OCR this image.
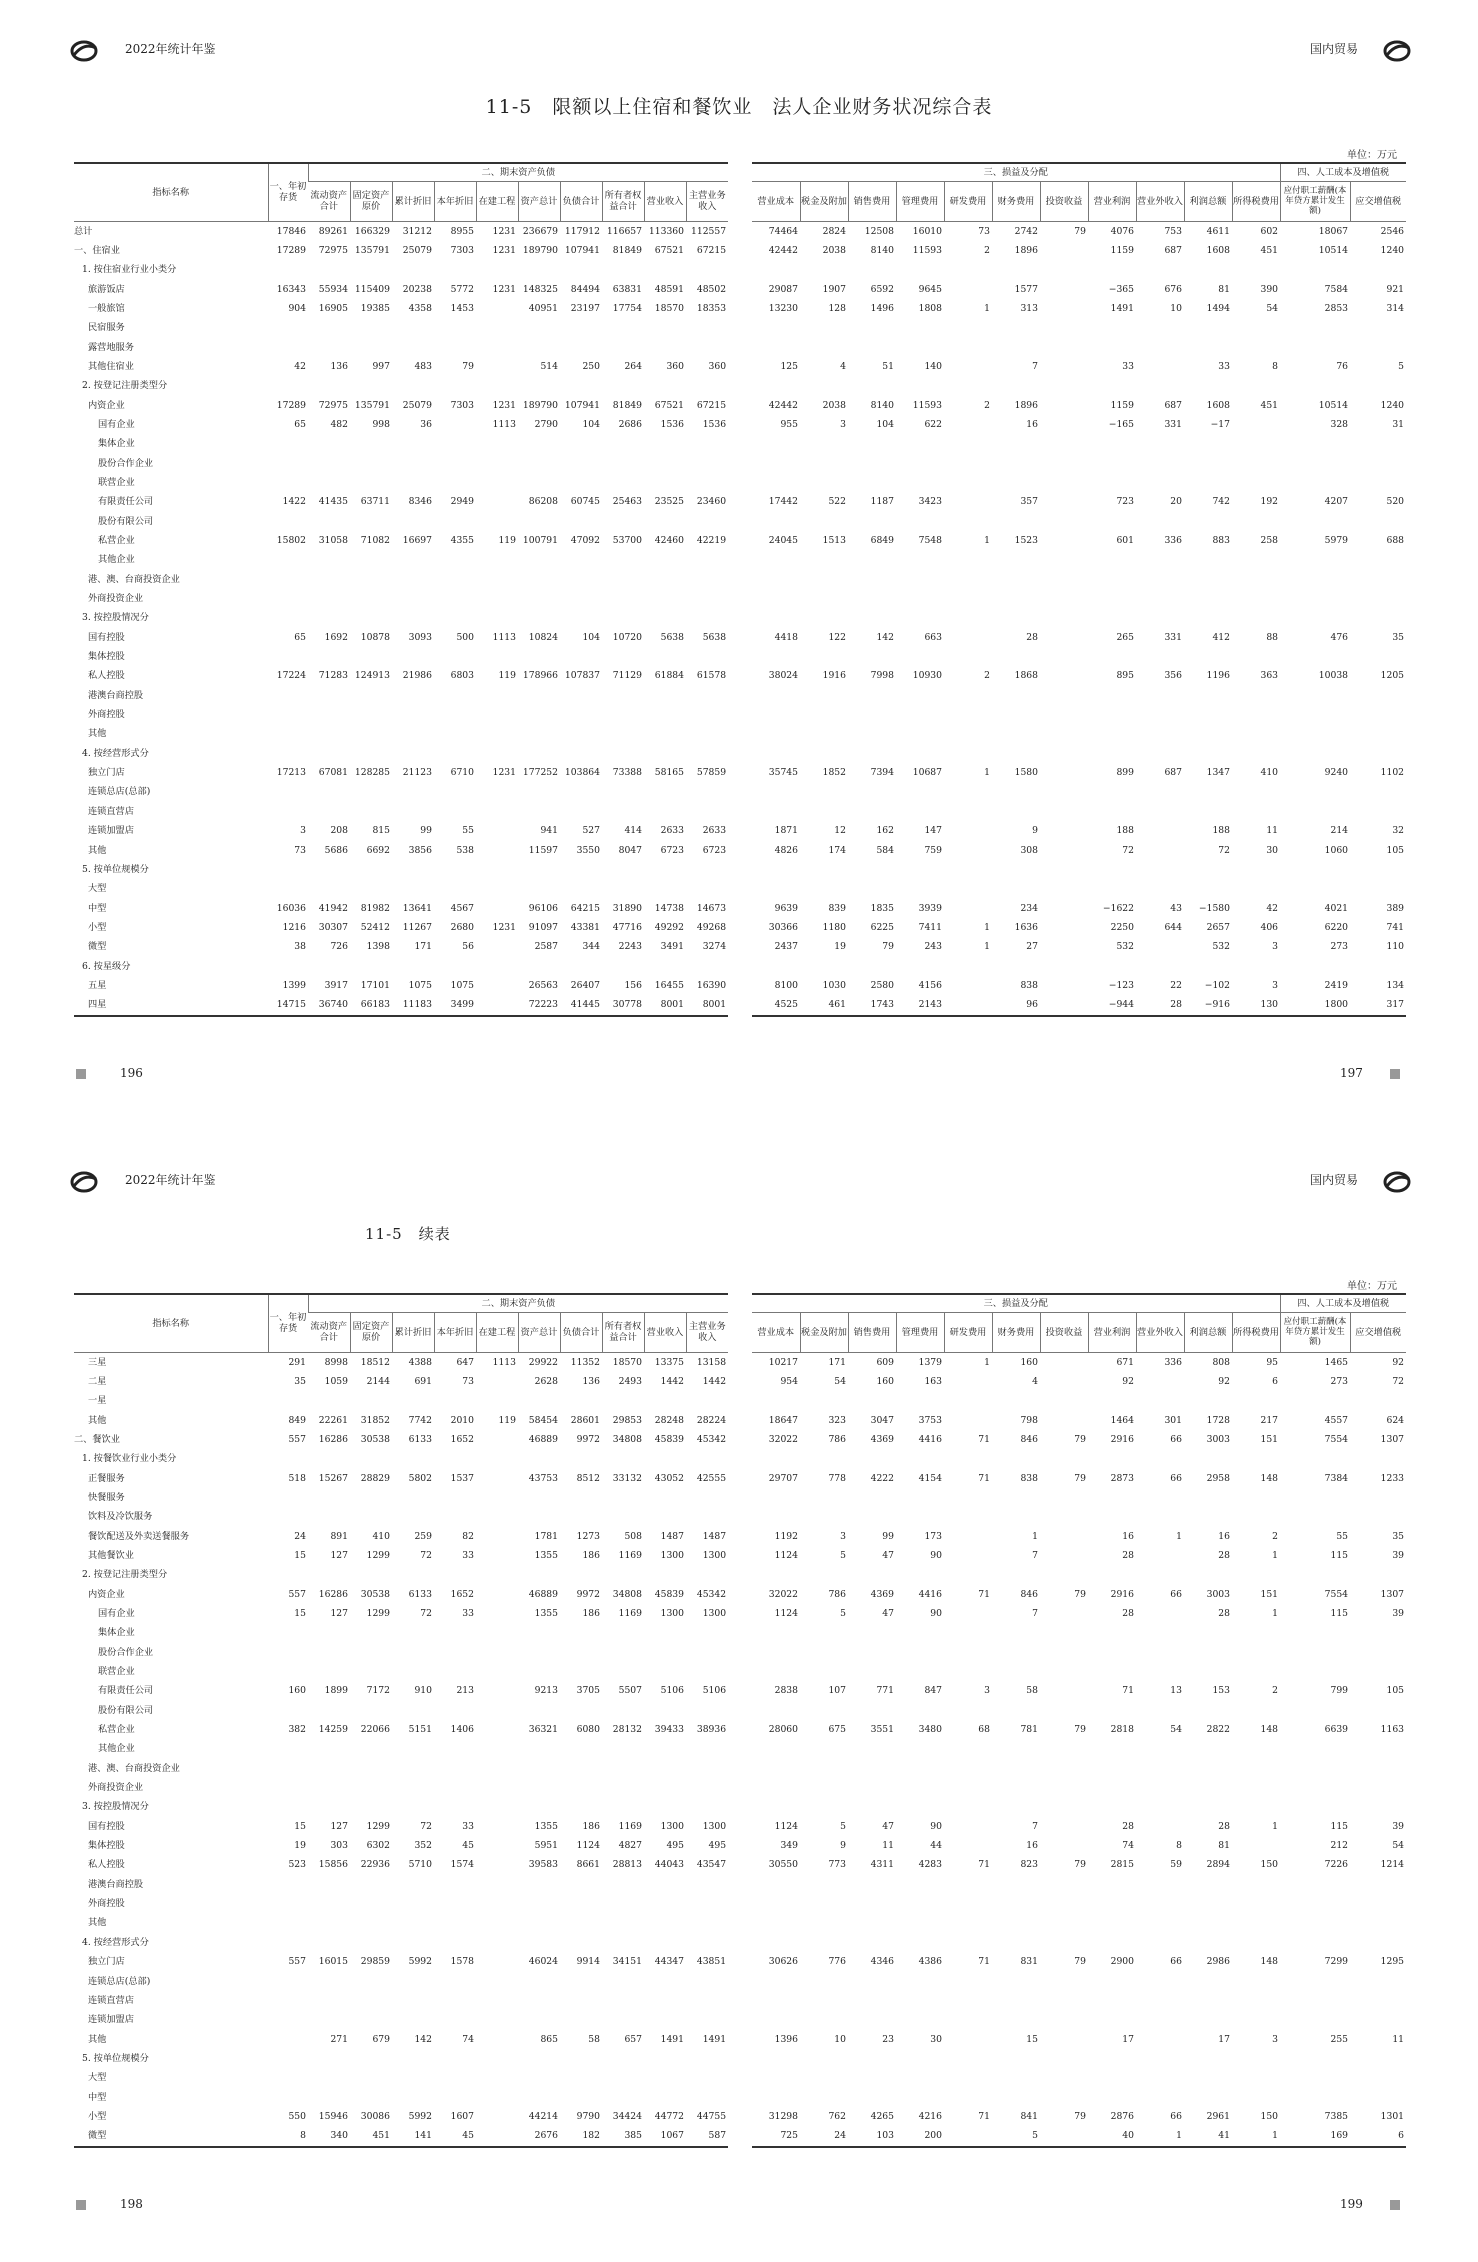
2022年统计年鉴	国内贸易
11-5　限额以上住宿和餐饮业　法人企业财务状况综合表
单位：万元
指标名称	一、年初存货	二、期末资产负债									
		流动资产合计	固定资产原价	累计折旧	本年折旧	在建工程	资产总计	负债合计	所有者权益合计	营业收入	主营业务收入
总计	17846	89261	166329	31212	8955	1231	236679	117912	116657	113360	112557
一、住宿业	17289	72975	135791	25079	7303	1231	189790	107941	81849	67521	67215
1. 按住宿业行业小类分											
旅游饭店	16343	55934	115409	20238	5772	1231	148325	84494	63831	48591	48502
一般旅馆	904	16905	19385	4358	1453		40951	23197	17754	18570	18353
民宿服务											
露营地服务											
其他住宿业	42	136	997	483	79		514	250	264	360	360
2. 按登记注册类型分											
内资企业	17289	72975	135791	25079	7303	1231	189790	107941	81849	67521	67215
国有企业	65	482	998	36		1113	2790	104	2686	1536	1536
集体企业											
股份合作企业											
联营企业											
有限责任公司	1422	41435	63711	8346	2949		86208	60745	25463	23525	23460
股份有限公司											
私营企业	15802	31058	71082	16697	4355	119	100791	47092	53700	42460	42219
其他企业											
港、澳、台商投资企业											
外商投资企业											
3. 按控股情况分											
国有控股	65	1692	10878	3093	500	1113	10824	104	10720	5638	5638
集体控股											
私人控股	17224	71283	124913	21986	6803	119	178966	107837	71129	61884	61578
港澳台商控股											
外商控股											
其他											
4. 按经营形式分											
独立门店	17213	67081	128285	21123	6710	1231	177252	103864	73388	58165	57859
连锁总店(总部)											
连锁直营店											
连锁加盟店	3	208	815	99	55		941	527	414	2633	2633
其他	73	5686	6692	3856	538		11597	3550	8047	6723	6723
5. 按单位规模分											
大型											
中型	16036	41942	81982	13641	4567		96106	64215	31890	14738	14673
小型	1216	30307	52412	11267	2680	1231	91097	43381	47716	49292	49268
微型	38	726	1398	171	56		2587	344	2243	3491	3274
6. 按星级分											
五星	1399	3917	17101	1075	1075		26563	26407	156	16455	16390
四星	14715	36740	66183	11183	3499		72223	41445	30778	8001	8001
三、损益及分配											四、人工成本及增值税	
营业成本	税金及附加	销售费用	管理费用	研发费用	财务费用	投资收益	营业利润	营业外收入	利润总额	所得税费用	应付职工薪酬(本年贷方累计发生额)	应交增值税
74464	2824	12508	16010	73	2742	79	4076	753	4611	602	18067	2546
42442	2038	8140	11593	2	1896		1159	687	1608	451	10514	1240

29087	1907	6592	9645		1577		−365	676	81	390	7584	921
13230	128	1496	1808	1	313		1491	10	1494	54	2853	314

125	4	51	140		7		33		33	8	76	5

42442	2038	8140	11593	2	1896		1159	687	1608	451	10514	1240
955	3	104	622		16		−165	331	−17		328	31

17442	522	1187	3423		357		723	20	742	192	4207	520

24045	1513	6849	7548	1	1523		601	336	883	258	5979	688

4418	122	142	663		28		265	331	412	88	476	35

38024	1916	7998	10930	2	1868		895	356	1196	363	10038	1205

35745	1852	7394	10687	1	1580		899	687	1347	410	9240	1102

1871	12	162	147		9		188		188	11	214	32
4826	174	584	759		308		72		72	30	1060	105

9639	839	1835	3939		234		−1622	43	−1580	42	4021	389
30366	1180	6225	7411	1	1636		2250	644	2657	406	6220	741
2437	19	79	243	1	27		532		532	3	273	110

8100	1030	2580	4156		838		−123	22	−102	3	2419	134
4525	461	1743	2143		96		−944	28	−916	130	1800	317
196	197
2022年统计年鉴	国内贸易
11-5　续表
单位：万元
指标名称	一、年初存货	二、期末资产负债									
		流动资产合计	固定资产原价	累计折旧	本年折旧	在建工程	资产总计	负债合计	所有者权益合计	营业收入	主营业务收入
三星	291	8998	18512	4388	647	1113	29922	11352	18570	13375	13158
二星	35	1059	2144	691	73		2628	136	2493	1442	1442
一星											
其他	849	22261	31852	7742	2010	119	58454	28601	29853	28248	28224
二、餐饮业	557	16286	30538	6133	1652		46889	9972	34808	45839	45342
1. 按餐饮业行业小类分											
正餐服务	518	15267	28829	5802	1537		43753	8512	33132	43052	42555
快餐服务											
饮料及冷饮服务											
餐饮配送及外卖送餐服务	24	891	410	259	82		1781	1273	508	1487	1487
其他餐饮业	15	127	1299	72	33		1355	186	1169	1300	1300
2. 按登记注册类型分											
内资企业	557	16286	30538	6133	1652		46889	9972	34808	45839	45342
国有企业	15	127	1299	72	33		1355	186	1169	1300	1300
集体企业											
股份合作企业											
联营企业											
有限责任公司	160	1899	7172	910	213		9213	3705	5507	5106	5106
股份有限公司											
私营企业	382	14259	22066	5151	1406		36321	6080	28132	39433	38936
其他企业											
港、澳、台商投资企业											
外商投资企业											
3. 按控股情况分											
国有控股	15	127	1299	72	33		1355	186	1169	1300	1300
集体控股	19	303	6302	352	45		5951	1124	4827	495	495
私人控股	523	15856	22936	5710	1574		39583	8661	28813	44043	43547
港澳台商控股											
外商控股											
其他											
4. 按经营形式分											
独立门店	557	16015	29859	5992	1578		46024	9914	34151	44347	43851
连锁总店(总部)											
连锁直营店											
连锁加盟店											
其他		271	679	142	74		865	58	657	1491	1491
5. 按单位规模分											
大型											
中型											
小型	550	15946	30086	5992	1607		44214	9790	34424	44772	44755
微型	8	340	451	141	45		2676	182	385	1067	587
三、损益及分配											四、人工成本及增值税	
营业成本	税金及附加	销售费用	管理费用	研发费用	财务费用	投资收益	营业利润	营业外收入	利润总额	所得税费用	应付职工薪酬(本年贷方累计发生额)	应交增值税
10217	171	609	1379	1	160		671	336	808	95	1465	92
954	54	160	163		4		92		92	6	273	72

18647	323	3047	3753		798		1464	301	1728	217	4557	624
32022	786	4369	4416	71	846	79	2916	66	3003	151	7554	1307

29707	778	4222	4154	71	838	79	2873	66	2958	148	7384	1233

1192	3	99	173		1		16	1	16	2	55	35
1124	5	47	90		7		28		28	1	115	39

32022	786	4369	4416	71	846	79	2916	66	3003	151	7554	1307
1124	5	47	90		7		28		28	1	115	39

2838	107	771	847	3	58		71	13	153	2	799	105

28060	675	3551	3480	68	781	79	2818	54	2822	148	6639	1163

1124	5	47	90		7		28		28	1	115	39
349	9	11	44		16		74	8	81		212	54
30550	773	4311	4283	71	823	79	2815	59	2894	150	7226	1214

30626	776	4346	4386	71	831	79	2900	66	2986	148	7299	1295

1396	10	23	30		15		17		17	3	255	11

31298	762	4265	4216	71	841	79	2876	66	2961	150	7385	1301
725	24	103	200		5		40	1	41	1	169	6
198	199
